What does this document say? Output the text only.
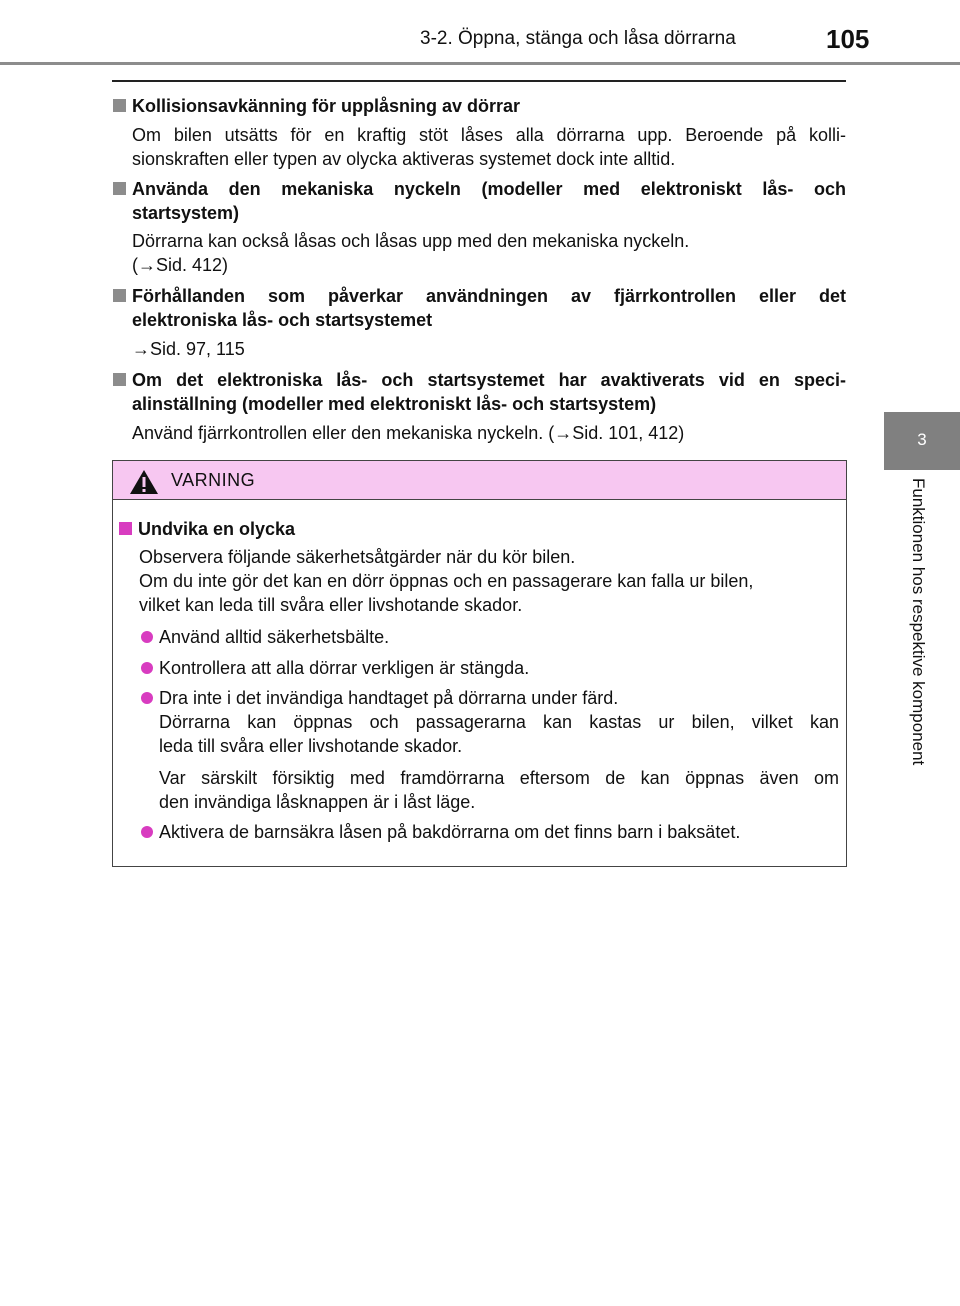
3-2. Öppna, stänga och låsa dörrarna	105
3
Funktionen hos respektive komponent
Kollisionsavkänning för upplåsning av dörrar
Om bilen utsätts för en kraftig stöt låses alla dörrarna upp. Beroende på kolli-
sionskraften eller typen av olycka aktiveras systemet dock inte alltid.
Använda den mekaniska nyckeln (modeller med elektroniskt lås- och
startsystem)
Dörrarna kan också låsas och låsas upp med den mekaniska nyckeln.
(→Sid. 412)
Förhållanden som påverkar användningen av fjärrkontrollen eller det
elektroniska lås- och startsystemet
→Sid. 97, 115
Om det elektroniska lås- och startsystemet har avaktiverats vid en speci-
alinställning (modeller med elektroniskt lås- och startsystem)
Använd fjärrkontrollen eller den mekaniska nyckeln. (→Sid. 101, 412)
VARNING
Undvika en olycka
Observera följande säkerhetsåtgärder när du kör bilen.
Om du inte gör det kan en dörr öppnas och en passagerare kan falla ur bilen,
vilket kan leda till svåra eller livshotande skador.
Använd alltid säkerhetsbälte.
Kontrollera att alla dörrar verkligen är stängda.
Dra inte i det invändiga handtaget på dörrarna under färd.
Dörrarna kan öppnas och passagerarna kan kastas ur bilen, vilket kan
leda till svåra eller livshotande skador.
Var särskilt försiktig med framdörrarna eftersom de kan öppnas även om
den invändiga låsknappen är i låst läge.
Aktivera de barnsäkra låsen på bakdörrarna om det finns barn i baksätet.
